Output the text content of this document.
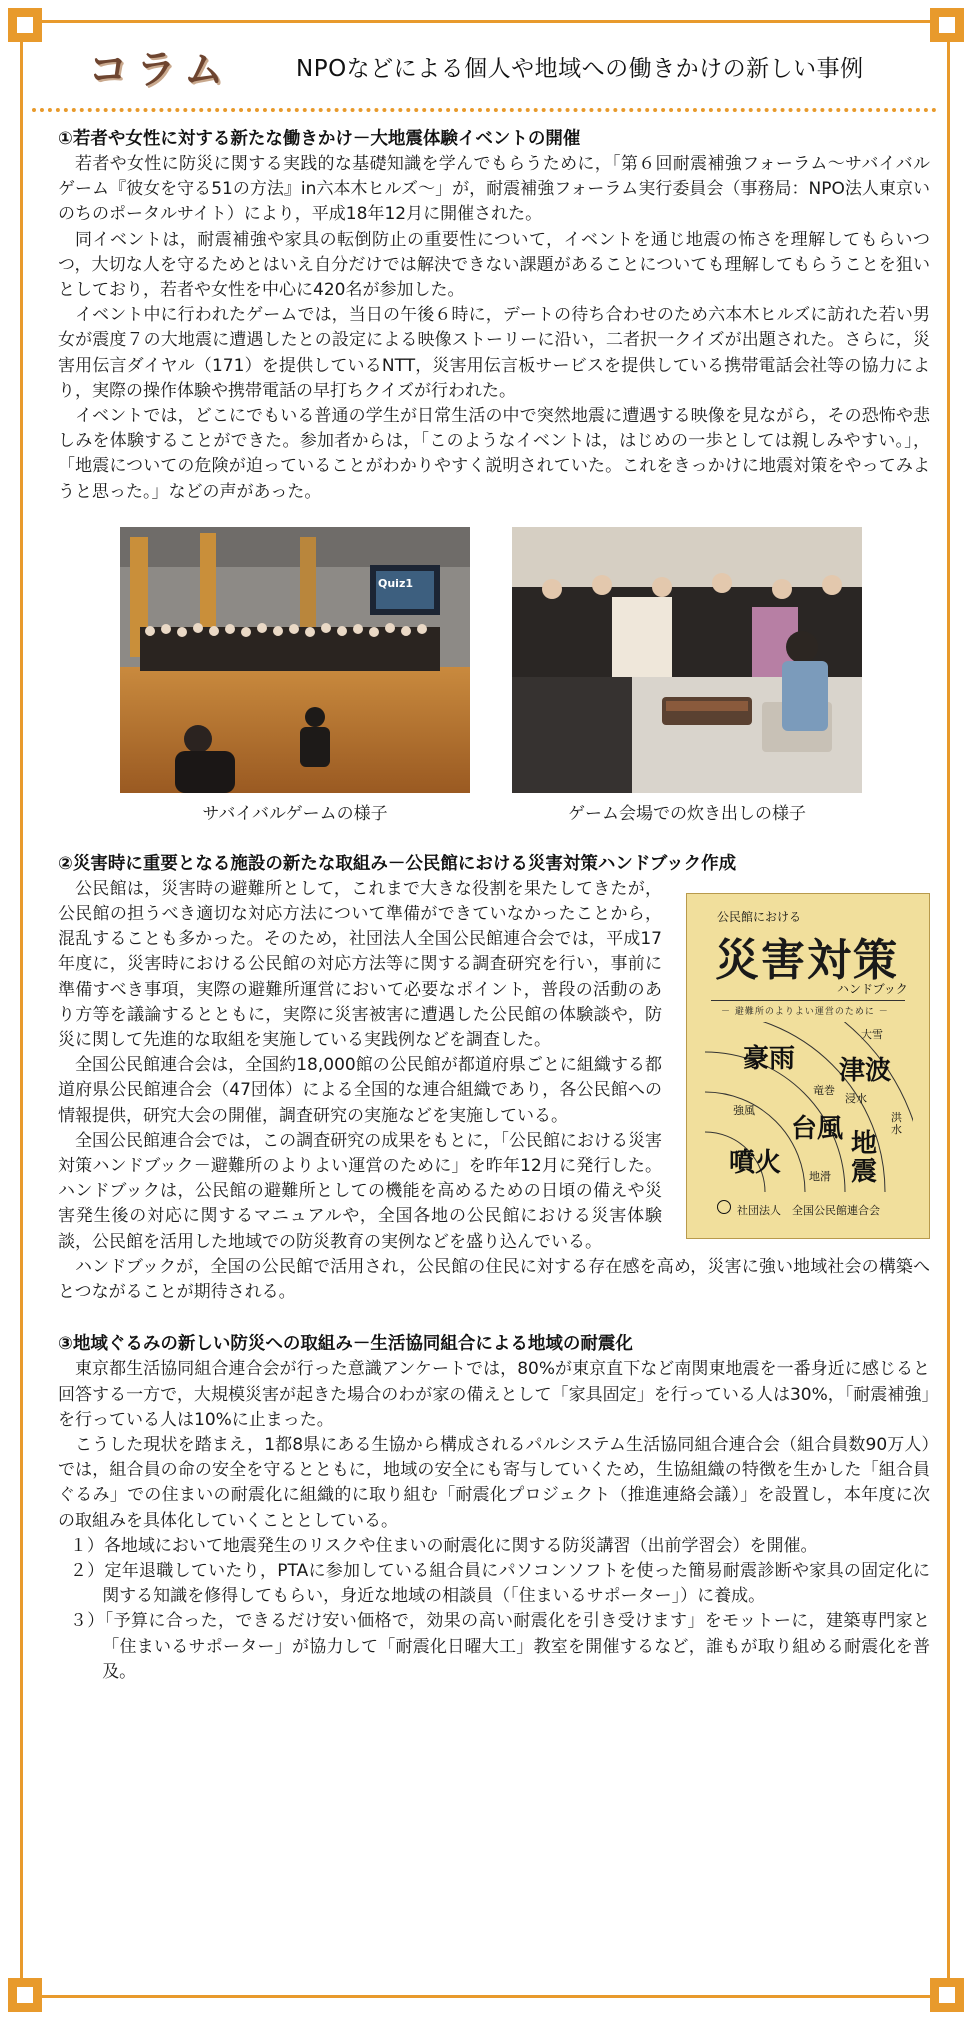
コラム	NPOなどによる個人や地域への働きかけの新しい事例
①若者や女性に対する新たな働きかけ－大地震体験イベントの開催

若者や女性に防災に関する実践的な基礎知識を学んでもらうために，「第６回耐震補強フォーラム～サバイバルゲーム『彼女を守る51の方法』in六本木ヒルズ～」が，耐震補強フォーラム実行委員会（事務局：NPO法人東京いのちのポータルサイト）により，平成18年12月に開催された。

同イベントは，耐震補強や家具の転倒防止の重要性について，イベントを通じ地震の怖さを理解してもらいつつ，大切な人を守るためとはいえ自分だけでは解決できない課題があることについても理解してもらうことを狙いとしており，若者や女性を中心に420名が参加した。

イベント中に行われたゲームでは，当日の午後６時に，デートの待ち合わせのため六本木ヒルズに訪れた若い男女が震度７の大地震に遭遇したとの設定による映像ストーリーに沿い，二者択一クイズが出題された。さらに，災害用伝言ダイヤル（171）を提供しているNTT，災害用伝言板サービスを提供している携帯電話会社等の協力により，実際の操作体験や携帯電話の早打ちクイズが行われた。

イベントでは，どこにでもいる普通の学生が日常生活の中で突然地震に遭遇する映像を見ながら，その恐怖や悲しみを体験することができた。参加者からは，「このようなイベントは，はじめの一歩としては親しみやすい。」，「地震についての危険が迫っていることがわかりやすく説明されていた。これをきっかけに地震対策をやってみようと思った。」などの声があった。

Quiz1
サバイバルゲームの様子	ゲーム会場での炊き出しの様子
②災害時に重要となる施設の新たな取組み－公民館における災害対策ハンドブック作成
公民館における
災害対策
ハンドブック
－ 避難所のよりよい運営のために －
豪雨 津波
台風
噴火
地震
大雪
竜巻
浸水
強風
洪水
地滑
社団法人　全国公民館連合会

公民館は，災害時の避難所として，これまで大きな役割を果たしてきたが，公民館の担うべき適切な対応方法について準備ができていなかったことから，混乱することも多かった。そのため，社団法人全国公民館連合会では，平成17年度に，災害時における公民館の対応方法等に関する調査研究を行い，事前に準備すべき事項，実際の避難所運営において必要なポイント，普段の活動のあり方等を議論するとともに，実際に災害被害に遭遇した公民館の体験談や，防災に関して先進的な取組を実施している実践例などを調査した。

全国公民館連合会は，全国約18,000館の公民館が都道府県ごとに組織する都道府県公民館連合会（47団体）による全国的な連合組織であり，各公民館への情報提供，研究大会の開催，調査研究の実施などを実施している。

全国公民館連合会では，この調査研究の成果をもとに，「公民館における災害対策ハンドブック－避難所のよりよい運営のために」を昨年12月に発行した。ハンドブックは，公民館の避難所としての機能を高めるための日頃の備えや災害発生後の対応に関するマニュアルや，全国各地の公民館における災害体験談，公民館を活用した地域での防災教育の実例などを盛り込んでいる。

ハンドブックが，全国の公民館で活用され，公民館の住民に対する存在感を高め，災害に強い地域社会の構築へとつながることが期待される。

③地域ぐるみの新しい防災への取組み－生活協同組合による地域の耐震化

東京都生活協同組合連合会が行った意識アンケートでは，80%が東京直下など南関東地震を一番身近に感じると回答する一方で，大規模災害が起きた場合のわが家の備えとして「家具固定」を行っている人は30%，「耐震補強」を行っている人は10%に止まった。

こうした現状を踏まえ，1都8県にある生協から構成されるパルシステム生活協同組合連合会（組合員数90万人）では，組合員の命の安全を守るとともに，地域の安全にも寄与していくため，生協組織の特徴を生かした「組合員ぐるみ」での住まいの耐震化に組織的に取り組む「耐震化プロジェクト（推進連絡会議）」を設置し，本年度に次の取組みを具体化していくこととしている。

１）各地域において地震発生のリスクや住まいの耐震化に関する防災講習（出前学習会）を開催。
２）定年退職していたり，PTAに参加している組合員にパソコンソフトを使った簡易耐震診断や家具の固定化に関する知識を修得してもらい，身近な地域の相談員（「住まいるサポーター」）に養成。
３）「予算に合った，できるだけ安い価格で，効果の高い耐震化を引き受けます」をモットーに，建築専門家と「住まいるサポーター」が協力して「耐震化日曜大工」教室を開催するなど，誰もが取り組める耐震化を普及。
